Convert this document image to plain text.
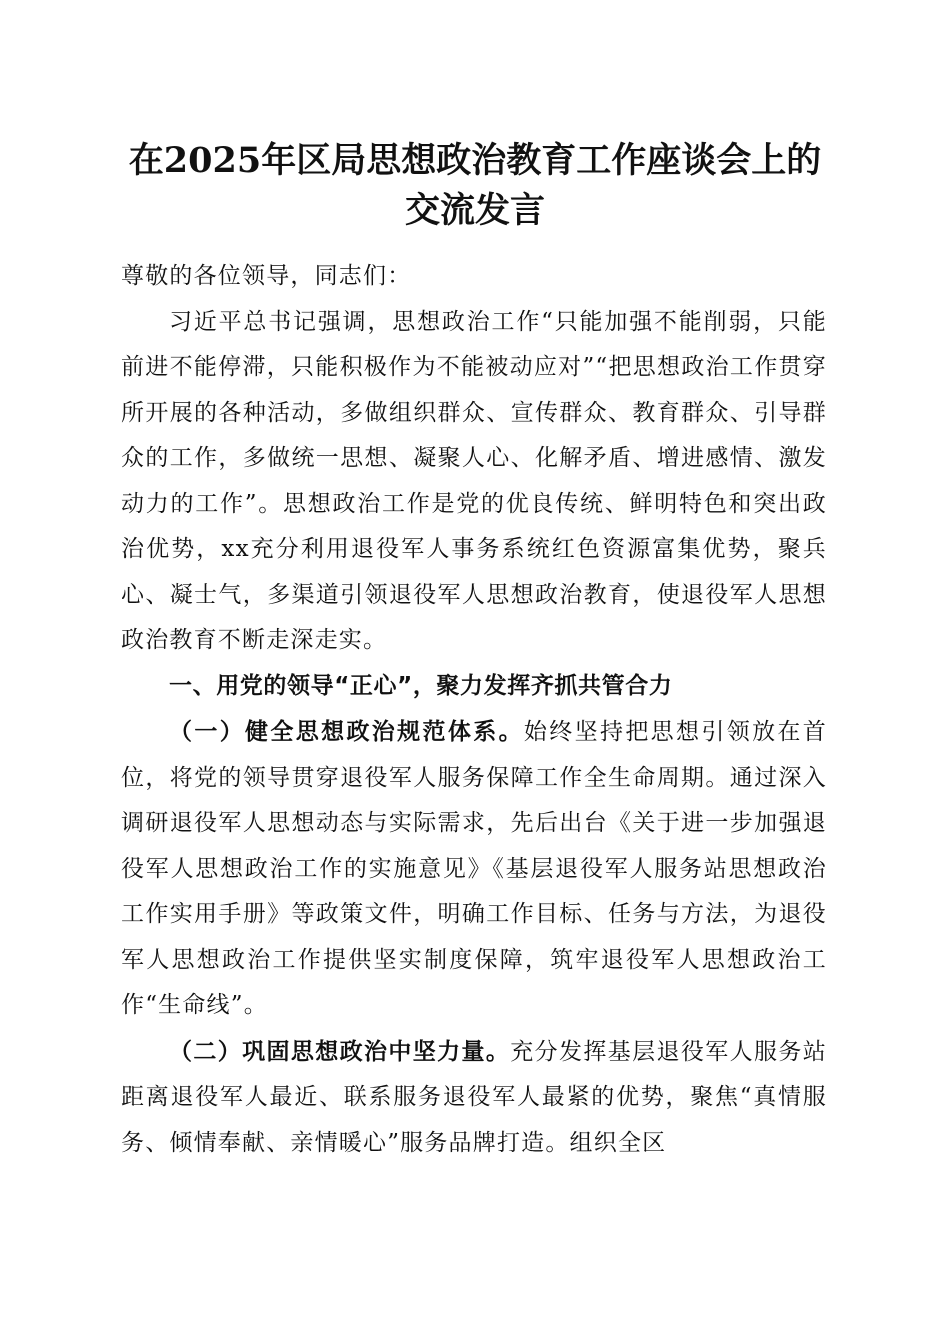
在2025年区局思想政治教育工作座谈会上的
交流发言

尊敬的各位领导，同志们：

习近平总书记强调，思想政治工作“只能加强不能削弱，只能前进不能停滞，只能积极作为不能被动应对”“把思想政治工作贯穿所开展的各种活动，多做组织群众、宣传群众、教育群众、引导群众的工作，多做统一思想、凝聚人心、化解矛盾、增进感情、激发动力的工作”。思想政治工作是党的优良传统、鲜明特色和突出政治优势，xx充分利用退役军人事务系统红色资源富集优势，聚兵心、凝士气，多渠道引领退役军人思想政治教育，使退役军人思想政治教育不断走深走实。

一、用党的领导“正心”，聚力发挥齐抓共管合力

（一）健全思想政治规范体系。始终坚持把思想引领放在首位，将党的领导贯穿退役军人服务保障工作全生命周期。通过深入调研退役军人思想动态与实际需求，先后出台《关于进一步加强退役军人思想政治工作的实施意见》《基层退役军人服务站思想政治工作实用手册》等政策文件，明确工作目标、任务与方法，为退役军人思想政治工作提供坚实制度保障，筑牢退役军人思想政治工作“生命线”。

（二）巩固思想政治中坚力量。充分发挥基层退役军人服务站距离退役军人最近、联系服务退役军人最紧的优势，聚焦“真情服务、倾情奉献、亲情暖心”服务品牌打造。组织全区
